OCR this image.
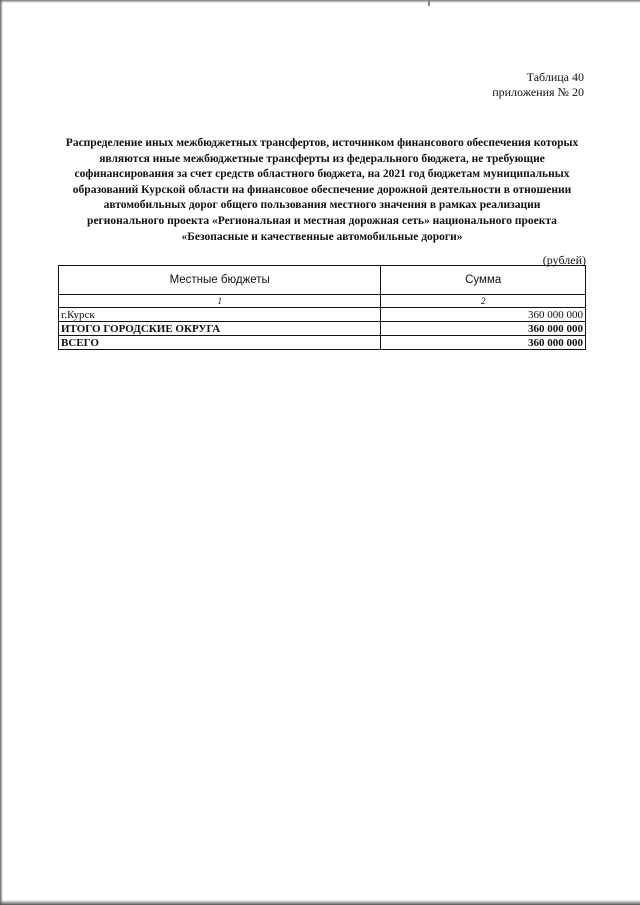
Таблица 40
приложения № 20
Распределение иных межбюджетных трансфертов, источником финансового обеспечения которых
являются иные межбюджетные трансферты из федерального бюджета, не требующие
софинансирования за счет средств областного бюджета, на 2021 год бюджетам муниципальных
образований Курской области на финансовое обеспечение дорожной деятельности в отношении
автомобильных дорог общего пользования местного значения в рамках реализации
регионального проекта «Региональная и местная дорожная сеть» национального проекта
«Безопасные и качественные автомобильные дороги»
(рублей)
Местные бюджеты	Сумма
1	2
г.Курск	360 000 000
ИТОГО ГОРОДСКИЕ ОКРУГА	360 000 000
ВСЕГО	360 000 000
